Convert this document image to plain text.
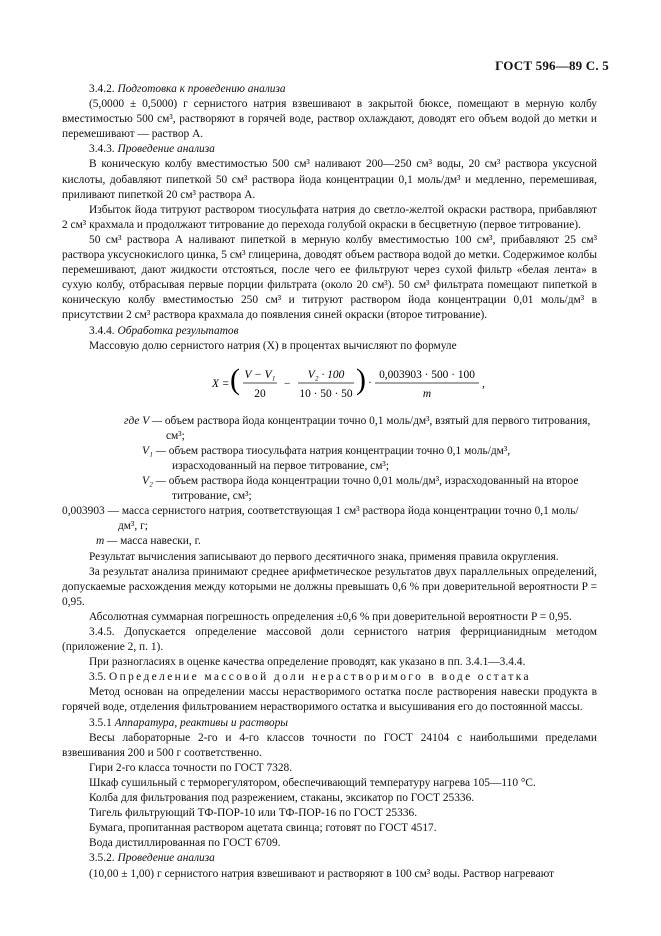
ГОСТ 596—89 С. 5

3.4.2. Подготовка к проведению анализа

(5,0000 ± 0,5000) г сернистого натрия взвешивают в закрытой бюксе, помещают в мерную колбу вместимостью 500 см³, растворяют в горячей воде, раствор охлаждают, доводят его объем водой до метки и перемешивают — раствор А.

3.4.3. Проведение анализа

В коническую колбу вместимостью 500 см³ наливают 200—250 см³ воды, 20 см³ раствора уксусной кислоты, добавляют пипеткой 50 см³ раствора йода концентрации 0,1 моль/дм³ и медленно, перемешивая, приливают пипеткой 20 см³ раствора А.

Избыток йода титруют раствором тиосульфата натрия до светло-желтой окраски раствора, прибавляют 2 см³ крахмала и продолжают титрование до перехода голубой окраски в бесцветную (первое титрование).

50 см³ раствора А наливают пипеткой в мерную колбу вместимостью 100 см³, прибавляют 25 см³ раствора уксуснокислого цинка, 5 см³ глицерина, доводят объем раствора водой до метки. Содержимое колбы перемешивают, дают жидкости отстояться, после чего ее фильтруют через сухой фильтр «белая лента» в сухую колбу, отбрасывая первые порции фильтрата (около 20 см³). 50 см³ фильтрата помещают пипеткой в коническую колбу вместимостью 250 см³ и титруют раствором йода концентрации 0,01 моль/дм³ в присутствии 2 см³ раствора крахмала до появления синей окраски (второе титрование).

3.4.4. Обработка результатов

Массовую долю сернистого натрия (X) в процентах вычисляют по формуле

X = ( V − V₁
20
−
V₂ · 100
10 · 50 · 50 ) ·
0,003903 · 500 · 100
m
,

где V — объем раствора йода концентрации точно 0,1 моль/дм³, взятый для первого титрования, см³;

V₁ — объем раствора тиосульфата натрия концентрации точно 0,1 моль/дм³, израсходованный на первое титрование, см³;

V₂ — объем раствора йода концентрации точно 0,01 моль/дм³, израсходованный на второе титрование, см³;

0,003903 — масса сернистого натрия, соответствующая 1 см³ раствора йода концентрации точно 0,1 моль/дм³, г;

m — масса навески, г.

Результат вычисления записывают до первого десятичного знака, применяя правила округления.

За результат анализа принимают среднее арифметическое результатов двух параллельных определений, допускаемые расхождения между которыми не должны превышать 0,6 % при доверительной вероятности P = 0,95.

Абсолютная суммарная погрешность определения ±0,6 % при доверительной вероятности P = 0,95.

3.4.5. Допускается определение массовой доли сернистого натрия феррицианидным методом (приложение 2, п. 1).

При разногласиях в оценке качества определение проводят, как указано в пп. 3.4.1—3.4.4.

3.5. Определение массовой доли нерастворимого в воде остатка

Метод основан на определении массы нерастворимого остатка после растворения навески продукта в горячей воде, отделения фильтрованием нерастворимого остатка и высушивания его до постоянной массы.

3.5.1 Аппаратура, реактивы и растворы

Весы лабораторные 2-го и 4-го классов точности по ГОСТ 24104 с наибольшими пределами взвешивания 200 и 500 г соответственно.

Гири 2-го класса точности по ГОСТ 7328.

Шкаф сушильный с терморегулятором, обеспечивающий температуру нагрева 105—110 °С.

Колба для фильтрования под разрежением, стаканы, эксикатор по ГОСТ 25336.

Тигель фильтрующий ТФ-ПОР-10 или ТФ-ПОР-16 по ГОСТ 25336.

Бумага, пропитанная раствором ацетата свинца; готовят по ГОСТ 4517.

Вода дистиллированная по ГОСТ 6709.

3.5.2. Проведение анализа

(10,00 ± 1,00) г сернистого натрия взвешивают и растворяют в 100 см³ воды. Раствор нагревают
